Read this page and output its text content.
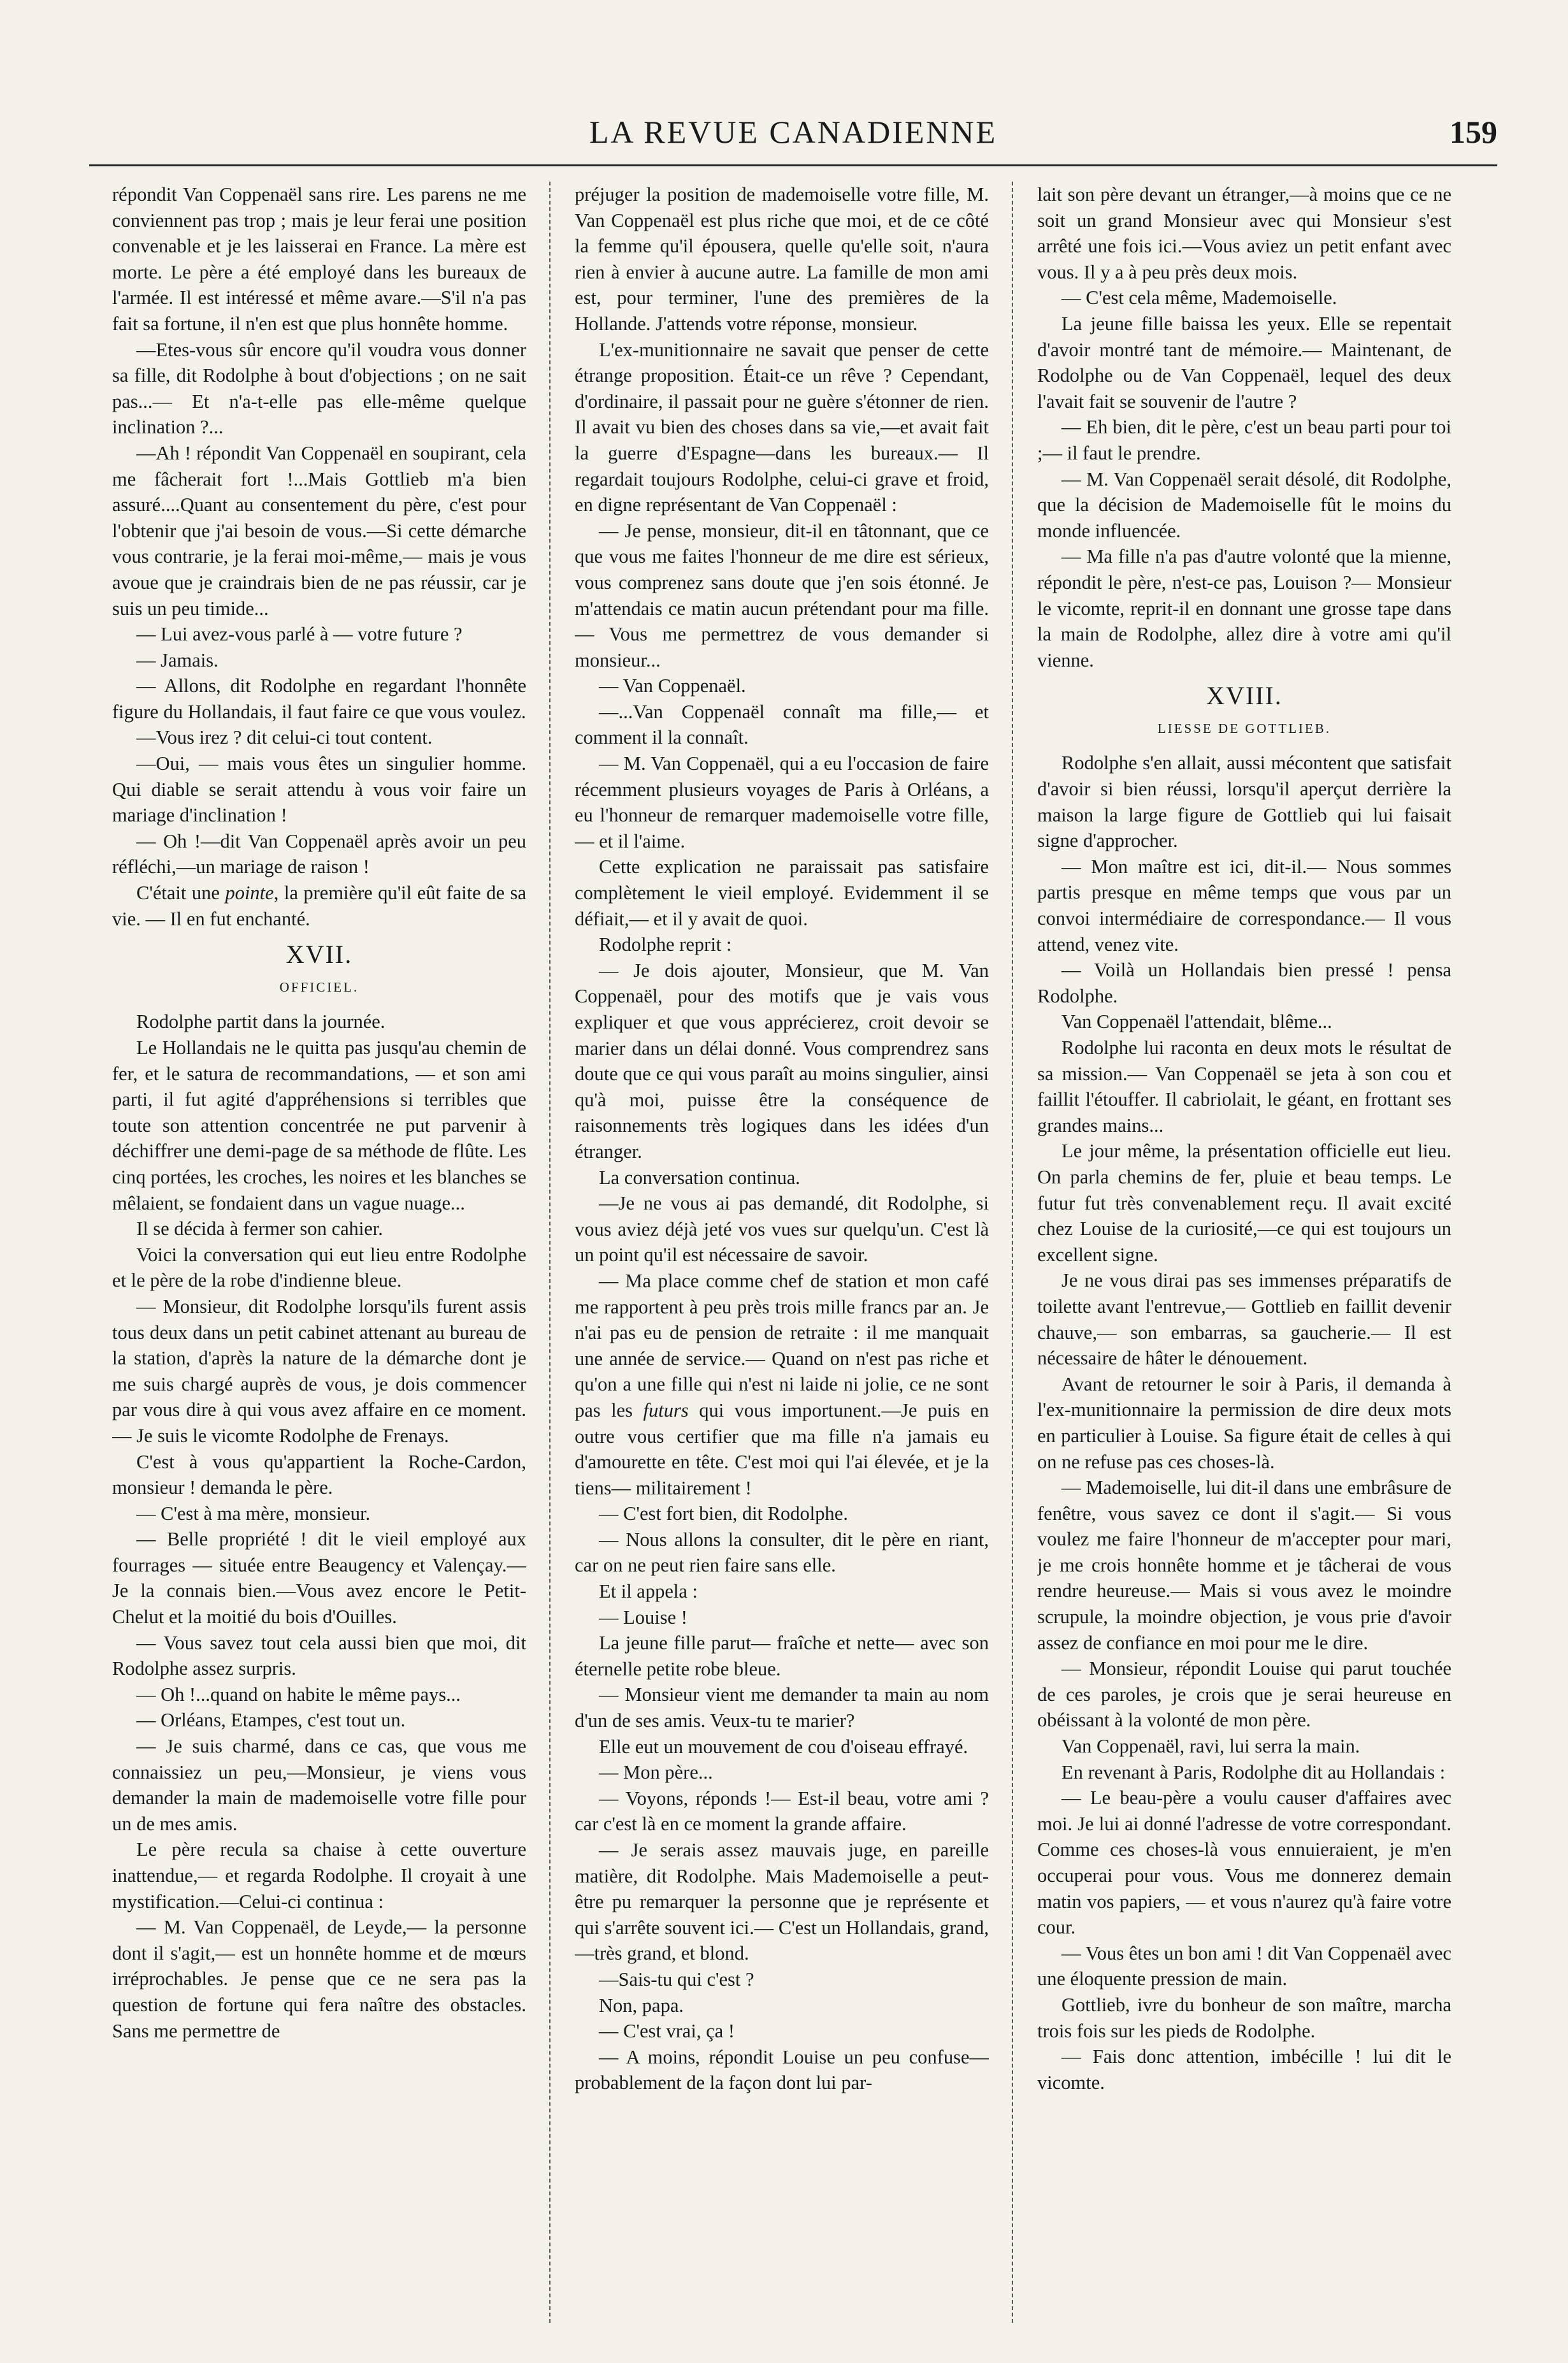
LA REVUE CANADIENNE	159

répondit Van Coppenaël sans rire. Les parens ne me conviennent pas trop ; mais je leur ferai une position convenable et je les laisserai en France. La mère est morte. Le père a été employé dans les bureaux de l'armée. Il est intéressé et même avare.—S'il n'a pas fait sa fortune, il n'en est que plus honnête homme.

—Etes-vous sûr encore qu'il voudra vous donner sa fille, dit Rodolphe à bout d'objections ; on ne sait pas...— Et n'a-t-elle pas elle-même quelque inclination ?...

—Ah ! répondit Van Coppenaël en soupirant, cela me fâcherait fort !...Mais Gottlieb m'a bien assuré....Quant au consentement du père, c'est pour l'obtenir que j'ai besoin de vous.—Si cette démarche vous contrarie, je la ferai moi-même,— mais je vous avoue que je craindrais bien de ne pas réussir, car je suis un peu timide...

— Lui avez-vous parlé à — votre future ?

— Jamais.

— Allons, dit Rodolphe en regardant l'honnête figure du Hollandais, il faut faire ce que vous voulez.

—Vous irez ? dit celui-ci tout content.

—Oui, — mais vous êtes un singulier homme. Qui diable se serait attendu à vous voir faire un mariage d'inclination !

— Oh !—dit Van Coppenaël après avoir un peu réfléchi,—un mariage de raison !

C'était une pointe, la première qu'il eût faite de sa vie. — Il en fut enchanté.

XVII.
OFFICIEL.

Rodolphe partit dans la journée.

Le Hollandais ne le quitta pas jusqu'au chemin de fer, et le satura de recommandations, — et son ami parti, il fut agité d'appréhensions si terribles que toute son attention concentrée ne put parvenir à déchiffrer une demi-page de sa méthode de flûte. Les cinq portées, les croches, les noires et les blanches se mêlaient, se fondaient dans un vague nuage...

Il se décida à fermer son cahier.

Voici la conversation qui eut lieu entre Rodolphe et le père de la robe d'indienne bleue.

— Monsieur, dit Rodolphe lorsqu'ils furent assis tous deux dans un petit cabinet attenant au bureau de la station, d'après la nature de la démarche dont je me suis chargé auprès de vous, je dois commencer par vous dire à qui vous avez affaire en ce moment. — Je suis le vicomte Rodolphe de Frenays.

C'est à vous qu'appartient la Roche-Cardon, monsieur ! demanda le père.

— C'est à ma mère, monsieur.

— Belle propriété ! dit le vieil employé aux fourrages — située entre Beaugency et Valençay.— Je la connais bien.—Vous avez encore le Petit-Chelut et la moitié du bois d'Ouilles.

— Vous savez tout cela aussi bien que moi, dit Rodolphe assez surpris.

— Oh !...quand on habite le même pays...

— Orléans, Etampes, c'est tout un.

— Je suis charmé, dans ce cas, que vous me connaissiez un peu,—Monsieur, je viens vous demander la main de mademoiselle votre fille pour un de mes amis.

Le père recula sa chaise à cette ouverture inattendue,— et regarda Rodolphe. Il croyait à une mystification.—Celui-ci continua :

— M. Van Coppenaël, de Leyde,— la personne dont il s'agit,— est un honnête homme et de mœurs irréprochables. Je pense que ce ne sera pas la question de fortune qui fera naître des obstacles. Sans me permettre de

préjuger la position de mademoiselle votre fille, M. Van Coppenaël est plus riche que moi, et de ce côté la femme qu'il épousera, quelle qu'elle soit, n'aura rien à envier à aucune autre. La famille de mon ami est, pour terminer, l'une des premières de la Hollande. J'attends votre réponse, monsieur.

L'ex-munitionnaire ne savait que penser de cette étrange proposition. Était-ce un rêve ? Cependant, d'ordinaire, il passait pour ne guère s'étonner de rien. Il avait vu bien des choses dans sa vie,—et avait fait la guerre d'Espagne—dans les bureaux.— Il regardait toujours Rodolphe, celui-ci grave et froid, en digne représentant de Van Coppenaël :

— Je pense, monsieur, dit-il en tâtonnant, que ce que vous me faites l'honneur de me dire est sérieux, vous comprenez sans doute que j'en sois étonné. Je m'attendais ce matin aucun prétendant pour ma fille.— Vous me permettrez de vous demander si monsieur...

— Van Coppenaël.

—...Van Coppenaël connaît ma fille,— et comment il la connaît.

— M. Van Coppenaël, qui a eu l'occasion de faire récemment plusieurs voyages de Paris à Orléans, a eu l'honneur de remarquer mademoiselle votre fille,— et il l'aime.

Cette explication ne paraissait pas satisfaire complètement le vieil employé. Evidemment il se défiait,— et il y avait de quoi.

Rodolphe reprit :

— Je dois ajouter, Monsieur, que M. Van Coppenaël, pour des motifs que je vais vous expliquer et que vous apprécierez, croit devoir se marier dans un délai donné. Vous comprendrez sans doute que ce qui vous paraît au moins singulier, ainsi qu'à moi, puisse être la conséquence de raisonnements très logiques dans les idées d'un étranger.

La conversation continua.

—Je ne vous ai pas demandé, dit Rodolphe, si vous aviez déjà jeté vos vues sur quelqu'un. C'est là un point qu'il est nécessaire de savoir.

— Ma place comme chef de station et mon café me rapportent à peu près trois mille francs par an. Je n'ai pas eu de pension de retraite : il me manquait une année de service.— Quand on n'est pas riche et qu'on a une fille qui n'est ni laide ni jolie, ce ne sont pas les futurs qui vous importunent.—Je puis en outre vous certifier que ma fille n'a jamais eu d'amourette en tête. C'est moi qui l'ai élevée, et je la tiens— militairement !

— C'est fort bien, dit Rodolphe.

— Nous allons la consulter, dit le père en riant, car on ne peut rien faire sans elle.

Et il appela :

— Louise !

La jeune fille parut— fraîche et nette— avec son éternelle petite robe bleue.

— Monsieur vient me demander ta main au nom d'un de ses amis. Veux-tu te marier?

Elle eut un mouvement de cou d'oiseau effrayé.

— Mon père...

— Voyons, réponds !— Est-il beau, votre ami ? car c'est là en ce moment la grande affaire.

— Je serais assez mauvais juge, en pareille matière, dit Rodolphe. Mais Mademoiselle a peut-être pu remarquer la personne que je représente et qui s'arrête souvent ici.— C'est un Hollandais, grand,—très grand, et blond.

—Sais-tu qui c'est ?

Non, papa.

— C'est vrai, ça !

— A moins, répondit Louise un peu confuse— probablement de la façon dont lui par-

lait son père devant un étranger,—à moins que ce ne soit un grand Monsieur avec qui Monsieur s'est arrêté une fois ici.—Vous aviez un petit enfant avec vous. Il y a à peu près deux mois.

— C'est cela même, Mademoiselle.

La jeune fille baissa les yeux. Elle se repentait d'avoir montré tant de mémoire.— Maintenant, de Rodolphe ou de Van Coppenaël, lequel des deux l'avait fait se souvenir de l'autre ?

— Eh bien, dit le père, c'est un beau parti pour toi ;— il faut le prendre.

— M. Van Coppenaël serait désolé, dit Rodolphe, que la décision de Mademoiselle fût le moins du monde influencée.

— Ma fille n'a pas d'autre volonté que la mienne, répondit le père, n'est-ce pas, Louison ?— Monsieur le vicomte, reprit-il en donnant une grosse tape dans la main de Rodolphe, allez dire à votre ami qu'il vienne.

XVIII.
LIESSE DE GOTTLIEB.

Rodolphe s'en allait, aussi mécontent que satisfait d'avoir si bien réussi, lorsqu'il aperçut derrière la maison la large figure de Gottlieb qui lui faisait signe d'approcher.

— Mon maître est ici, dit-il.— Nous sommes partis presque en même temps que vous par un convoi intermédiaire de correspondance.— Il vous attend, venez vite.

— Voilà un Hollandais bien pressé ! pensa Rodolphe.

Van Coppenaël l'attendait, blême...

Rodolphe lui raconta en deux mots le résultat de sa mission.— Van Coppenaël se jeta à son cou et faillit l'étouffer. Il cabriolait, le géant, en frottant ses grandes mains...

Le jour même, la présentation officielle eut lieu. On parla chemins de fer, pluie et beau temps. Le futur fut très convenablement reçu. Il avait excité chez Louise de la curiosité,—ce qui est toujours un excellent signe.

Je ne vous dirai pas ses immenses préparatifs de toilette avant l'entrevue,— Gottlieb en faillit devenir chauve,— son embarras, sa gaucherie.— Il est nécessaire de hâter le dénouement.

Avant de retourner le soir à Paris, il demanda à l'ex-munitionnaire la permission de dire deux mots en particulier à Louise. Sa figure était de celles à qui on ne refuse pas ces choses-là.

— Mademoiselle, lui dit-il dans une embrâsure de fenêtre, vous savez ce dont il s'agit.— Si vous voulez me faire l'honneur de m'accepter pour mari, je me crois honnête homme et je tâcherai de vous rendre heureuse.— Mais si vous avez le moindre scrupule, la moindre objection, je vous prie d'avoir assez de confiance en moi pour me le dire.

— Monsieur, répondit Louise qui parut touchée de ces paroles, je crois que je serai heureuse en obéissant à la volonté de mon père.

Van Coppenaël, ravi, lui serra la main.

En revenant à Paris, Rodolphe dit au Hollandais :

— Le beau-père a voulu causer d'affaires avec moi. Je lui ai donné l'adresse de votre correspondant. Comme ces choses-là vous ennuieraient, je m'en occuperai pour vous. Vous me donnerez demain matin vos papiers, — et vous n'aurez qu'à faire votre cour.

— Vous êtes un bon ami ! dit Van Coppenaël avec une éloquente pression de main.

Gottlieb, ivre du bonheur de son maître, marcha trois fois sur les pieds de Rodolphe.

— Fais donc attention, imbécille ! lui dit le vicomte.
